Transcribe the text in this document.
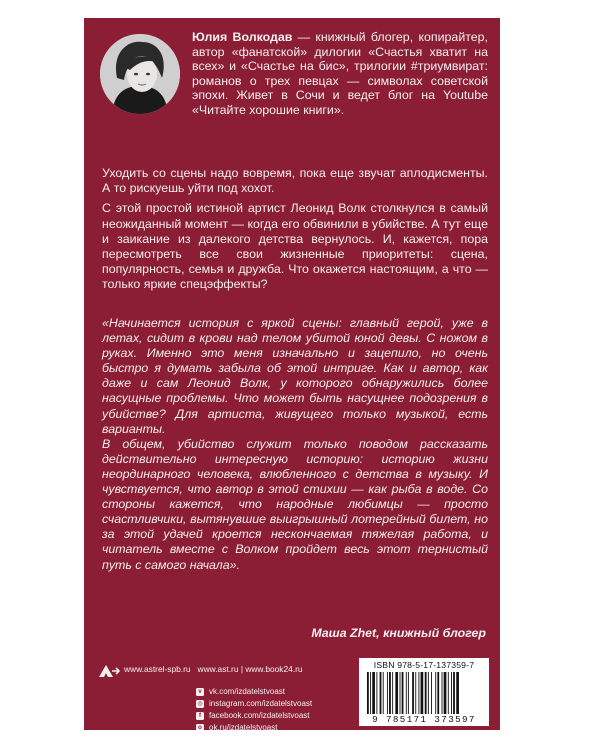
Юлия Волкодав — книжный блогер, копирайтер, автор «фанатской» дилогии «Счастья хватит на всех» и «Счастье на бис», трилогии #триумвират: романов о трех певцах — символах советской эпохи. Живет в Сочи и ведет блог на Youtube «Читайте хорошие книги».

Уходить со сцены надо вовремя, пока еще звучат аплодисменты. А то рискуешь уйти под хохот.

С этой простой истиной артист Леонид Волк столкнулся в самый неожиданный момент — когда его обвинили в убийстве. А тут еще и заикание из далекого детства вернулось. И, кажется, пора пересмотреть все свои жизненные приоритеты: сцена, популярность, семья и дружба. Что окажется настоящим, а что — только яркие спецэффекты?

«Начинается история с яркой сцены: главный герой, уже в летах, сидит в крови над телом убитой юной девы. С ножом в руках. Именно это меня изначально и зацепило, но очень быстро я думать забыла об этой интриге. Как и автор, как даже и сам Леонид Волк, у которого обнаружились более насущные проблемы. Что может быть насущнее подозрения в убийстве? Для артиста, живущего только музыкой, есть варианты.

В общем, убийство служит только поводом рассказать действительно интересную историю: историю жизни неординарного человека, влюбленного с детства в музыку. И чувствуется, что автор в этой стихии — как рыба в воде. Со стороны кажется, что народные любимцы — просто счастливчики, вытянувшие выигрышный лотерейный билет, но за этой удачей кроется нескончаемая тяжелая работа, и читатель вместе с Волком пройдет весь этот тернистый путь с самого начала».

Маша Zhet, книжный блогер

www.astrel-spb.ru www.ast.ru | www.book24.ru
v vk.com/izdatelstvoast
◎ instagram.com/izdatelstvoast
f	facebook.com/izdatelstvoast
o ok.ru/izdatelstvoast
ISBN 978-5-17-137359-7
9 785171 373597
